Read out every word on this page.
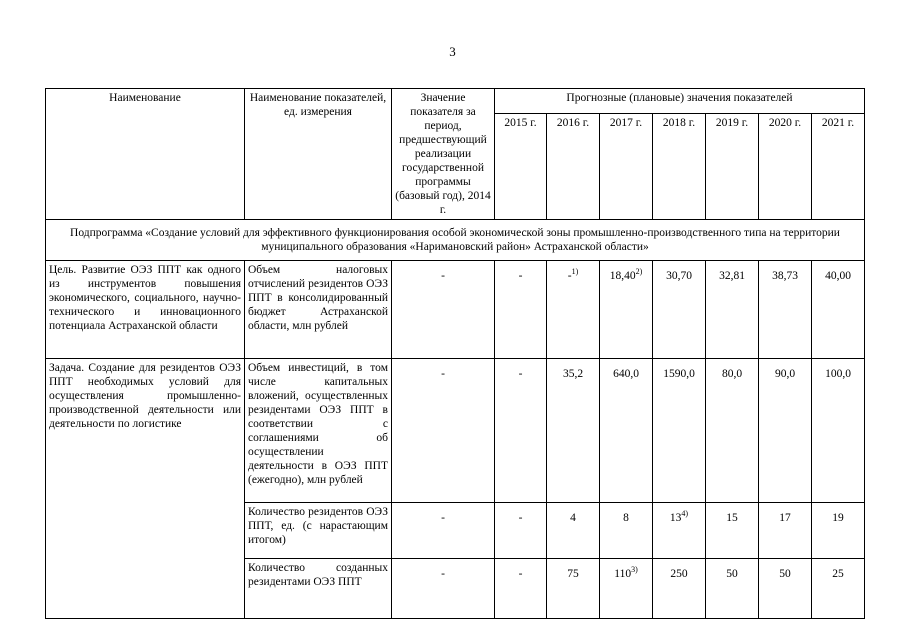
3
Наименование	Наименование показателей, ед. измерения	Значение показателя за период, предшествующий реализации государственной программы (базовый год), 2014 г.	Прогнозные (плановые) значения показателей						
			2015 г.	2016 г.	2017 г.	2018 г.	2019 г.	2020 г.	2021 г.
Подпрограмма «Создание условий для эффективного функционирования особой экономической зоны промышленно-производственного типа на территории муниципального образования «Наримановский район» Астраханской области»									
Цель. Развитие ОЭЗ ППТ как одного из инструментов повышения экономического, социального, научно-технического и инновационного потенциала Астраханской области	Объем налоговых отчислений резидентов ОЭЗ ППТ в консолидированный бюджет Астраханской области, млн рублей	-	-	-$^{1)}$	18,40$^{2)}$	30,70	32,81	38,73	40,00
Задача. Создание для резидентов ОЭЗ ППТ необходимых условий для осуществления промышленно-производственной деятельности или деятельности по логистике	Объем инвестиций, в том числе капитальных вложений, осуществленных резидентами ОЭЗ ППТ в соответствии с соглашениями об осуществлении деятельности в ОЭЗ ППТ (ежегодно), млн рублей	-	-	35,2	640,0	1590,0	80,0	90,0	100,0
	Количество резидентов ОЭЗ ППТ, ед. (с нарастающим итогом)	-	-	4	8	13$^{4)}$	15	17	19
	Количество созданных резидентами ОЭЗ ППТ	-	-	75	110$^{3)}$	250	50	50	25
